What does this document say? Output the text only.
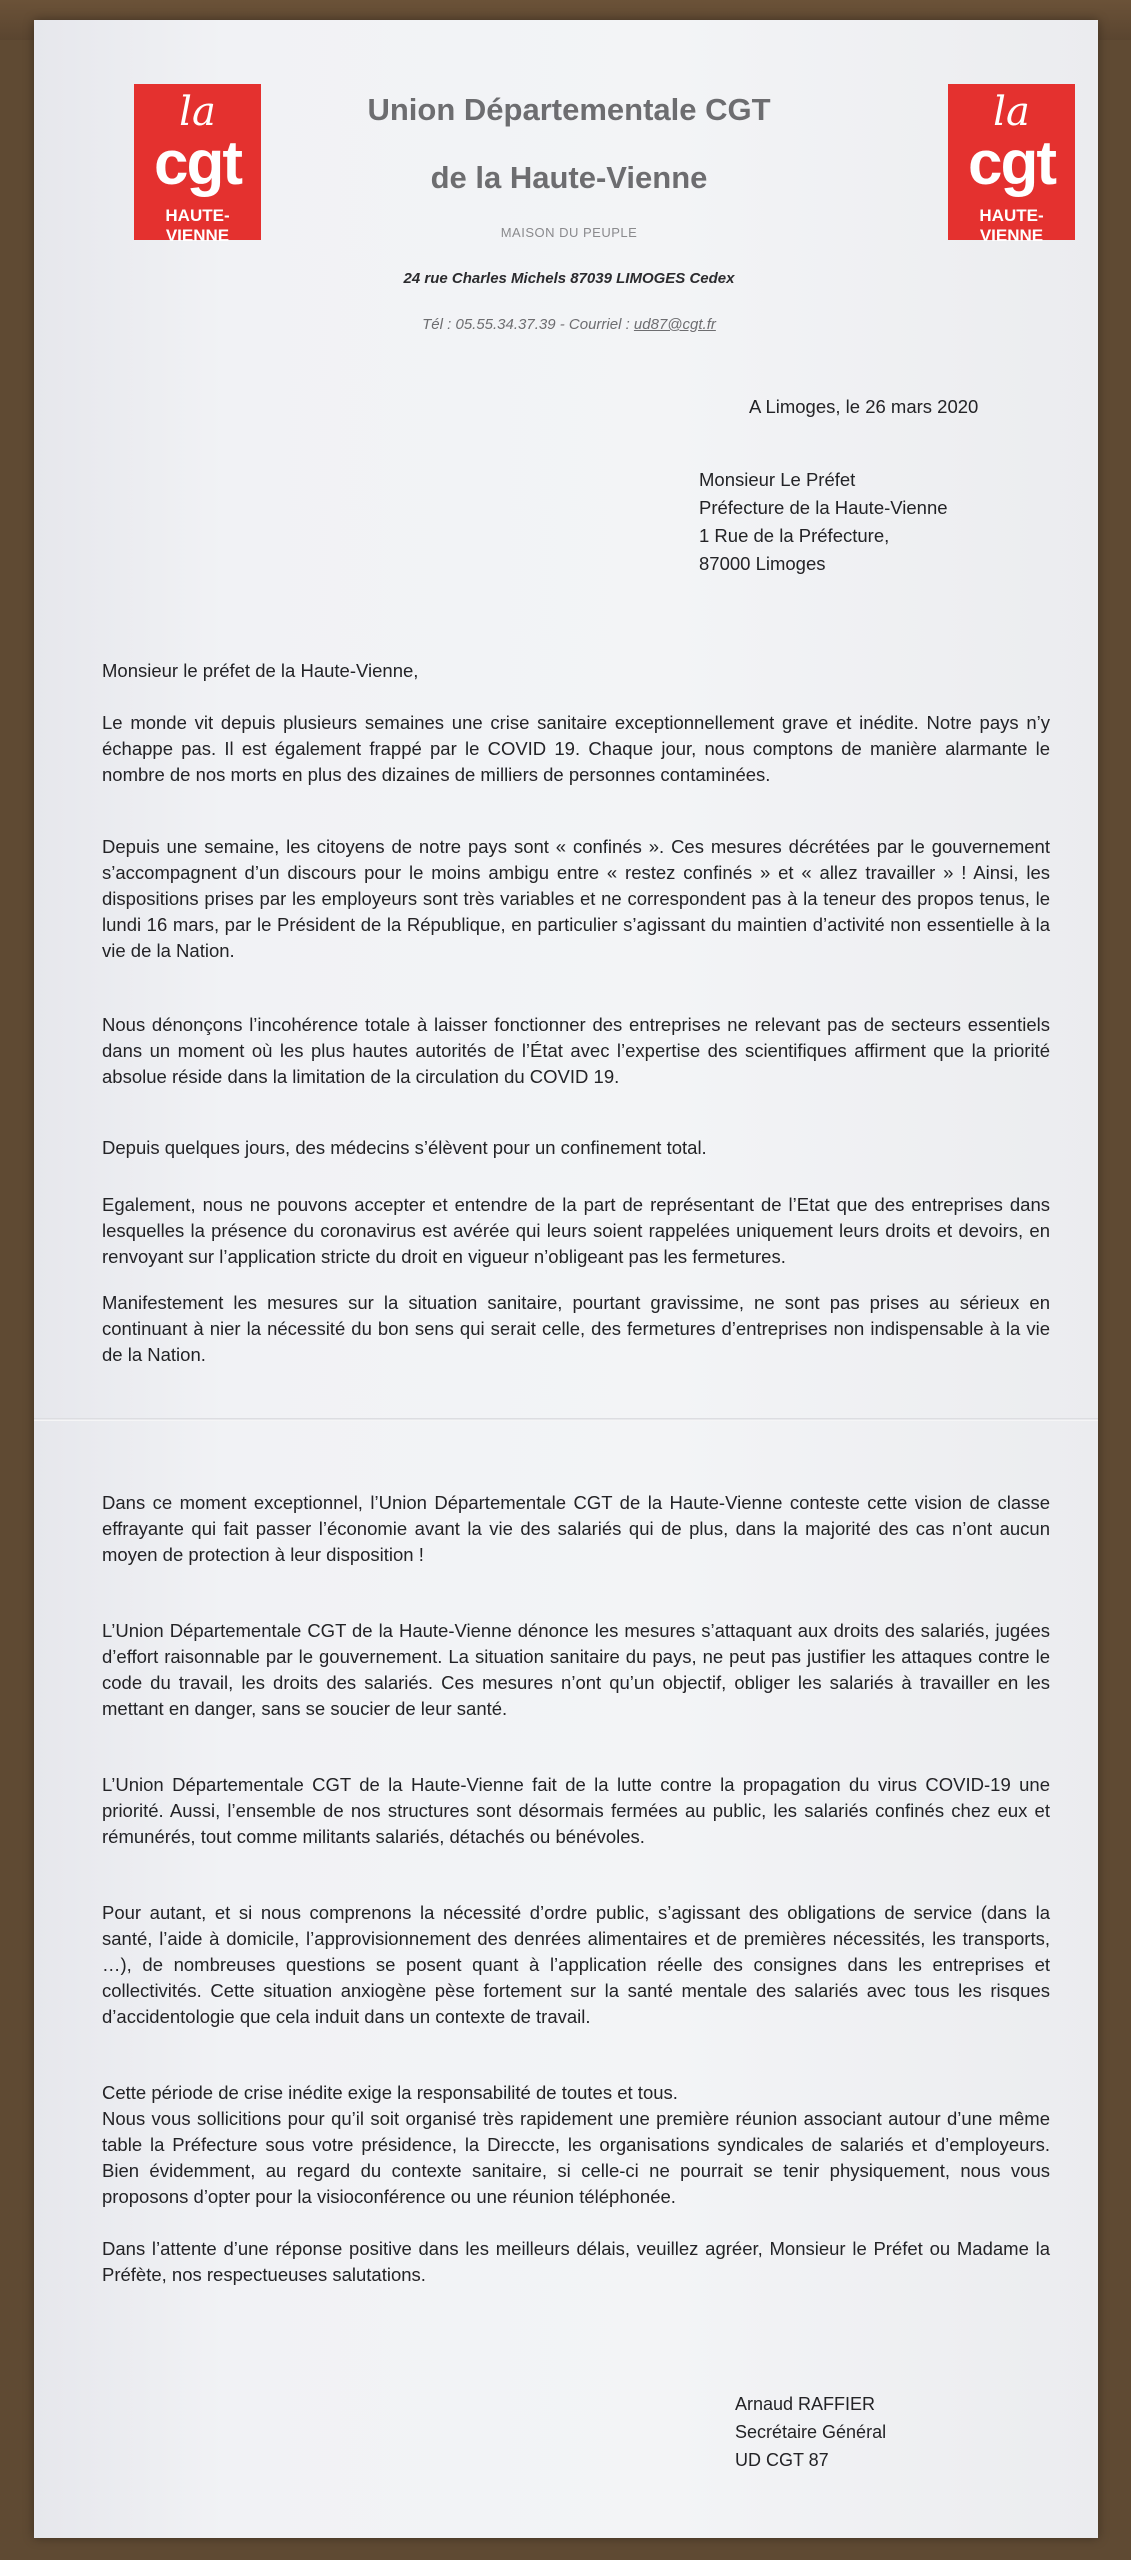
la
cgt
HAUTE-VIENNE
la
cgt
HAUTE-VIENNE
Union Départementale CGT
de la Haute-Vienne
MAISON DU PEUPLE
24 rue Charles Michels 87039 LIMOGES Cedex
Tél : 05.55.34.37.39 - Courriel : ud87@cgt.fr
A Limoges, le 26 mars 2020
Monsieur Le Préfet
Préfecture de la Haute-Vienne
1 Rue de la Préfecture,
87000 Limoges
Monsieur le préfet de la Haute-Vienne,
Le monde vit depuis plusieurs semaines une crise sanitaire exceptionnellement grave et inédite. Notre pays n’y échappe pas. Il est également frappé par le COVID 19. Chaque jour, nous comptons de manière alarmante le nombre de nos morts en plus des dizaines de milliers de personnes contaminées.
Depuis une semaine, les citoyens de notre pays sont « confinés ». Ces mesures décrétées par le gouvernement s’accompagnent d’un discours pour le moins ambigu entre « restez confinés » et « allez travailler » ! Ainsi, les dispositions prises par les employeurs sont très variables et ne correspondent pas à la teneur des propos tenus, le lundi 16 mars, par le Président de la République, en particulier s’agissant du maintien d’activité non essentielle à la vie de la Nation.
Nous dénonçons l’incohérence totale à laisser fonctionner des entreprises ne relevant pas de secteurs essentiels dans un moment où les plus hautes autorités de l’État avec l’expertise des scientifiques affirment que la priorité absolue réside dans la limitation de la circulation du COVID 19.
Depuis quelques jours, des médecins s’élèvent pour un confinement total.
Egalement, nous ne pouvons accepter et entendre de la part de représentant de l’Etat que des entreprises dans lesquelles la présence du coronavirus est avérée qui leurs soient rappelées uniquement leurs droits et devoirs, en renvoyant sur l’application stricte du droit en vigueur n’obligeant pas les fermetures.
Manifestement les mesures sur la situation sanitaire, pourtant gravissime, ne sont pas prises au sérieux en continuant à nier la nécessité du bon sens qui serait celle, des fermetures d’entreprises non indispensable à la vie de la Nation.
Dans ce moment exceptionnel, l’Union Départementale CGT de la Haute-Vienne conteste cette vision de classe effrayante qui fait passer l’économie avant la vie des salariés qui de plus, dans la majorité des cas n’ont aucun moyen de protection à leur disposition !
L’Union Départementale CGT de la Haute-Vienne dénonce les mesures s’attaquant aux droits des salariés, jugées d’effort raisonnable par le gouvernement. La situation sanitaire du pays, ne peut pas justifier les attaques contre le code du travail, les droits des salariés. Ces mesures n’ont qu’un objectif, obliger les salariés à travailler en les mettant en danger, sans se soucier de leur santé.
L’Union Départementale CGT de la Haute-Vienne fait de la lutte contre la propagation du virus COVID-19 une priorité. Aussi, l’ensemble de nos structures sont désormais fermées au public, les salariés confinés chez eux et rémunérés, tout comme militants salariés, détachés ou bénévoles.
Pour autant, et si nous comprenons la nécessité d’ordre public, s’agissant des obligations de service (dans la santé, l’aide à domicile, l’approvisionnement des denrées alimentaires et de premières nécessités, les transports, …), de nombreuses questions se posent quant à l’application réelle des consignes dans les entreprises et collectivités. Cette situation anxiogène pèse fortement sur la santé mentale des salariés avec tous les risques d’accidentologie que cela induit dans un contexte de travail.
Cette période de crise inédite exige la responsabilité de toutes et tous.
Nous vous sollicitions pour qu’il soit organisé très rapidement une première réunion associant autour d’une même table la Préfecture sous votre présidence, la Direccte, les organisations syndicales de salariés et d’employeurs. Bien évidemment, au regard du contexte sanitaire, si celle-ci ne pourrait se tenir physiquement, nous vous proposons d’opter pour la visioconférence ou une réunion téléphonée.
Dans l’attente d’une réponse positive dans les meilleurs délais, veuillez agréer, Monsieur le Préfet ou Madame la Préfète, nos respectueuses salutations.
Arnaud RAFFIER
Secrétaire Général
UD CGT 87
